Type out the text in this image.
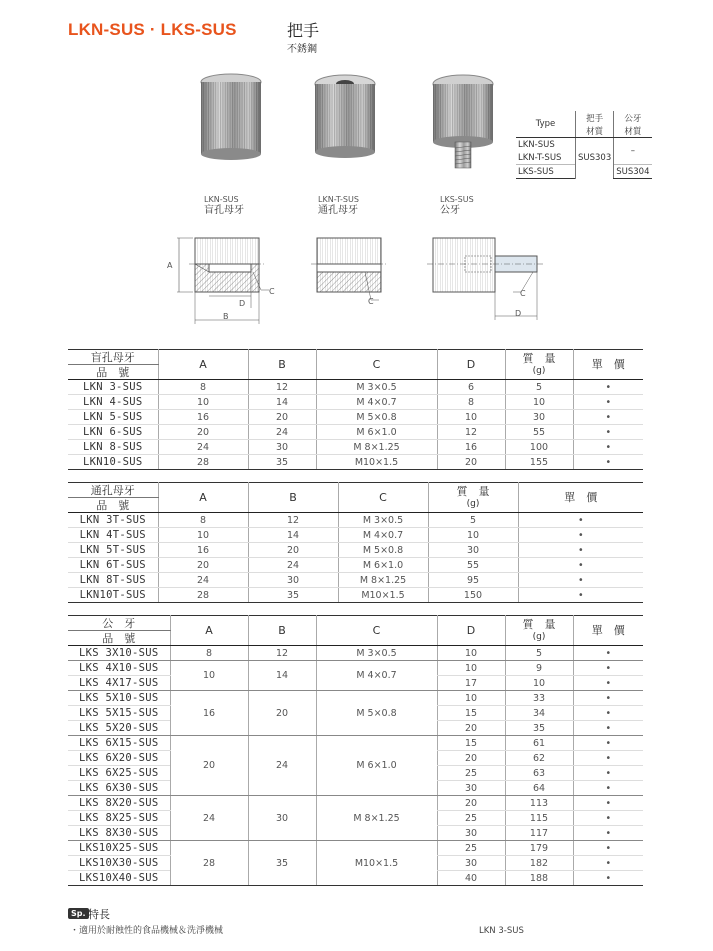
LKN-SUS · LKS-SUS	把手
不銹鋼
LKN-SUS
盲孔母牙
LKN-T-SUS
通孔母牙
LKS-SUS
公牙
Type	把手	公牙
	材質	材質
LKN-SUS	SUS303	–
LKN-T-SUS		
LKS-SUS		SUS304
A
D
B
C
C
C
D
盲孔母牙	A	B	C	D	質　量
(g)	單　價
品　號						
LKN 3-SUS	8	12	M 3×0.5	6	5	•
LKN 4-SUS	10	14	M 4×0.7	8	10	•
LKN 5-SUS	16	20	M 5×0.8	10	30	•
LKN 6-SUS	20	24	M 6×1.0	12	55	•
LKN 8-SUS	24	30	M 8×1.25	16	100	•
LKN10-SUS	28	35	M10×1.5	20	155	•
通孔母牙	A	B	C	質　量
(g)	單　價
品　號					
LKN 3T-SUS	8	12	M 3×0.5	5	•
LKN 4T-SUS	10	14	M 4×0.7	10	•
LKN 5T-SUS	16	20	M 5×0.8	30	•
LKN 6T-SUS	20	24	M 6×1.0	55	•
LKN 8T-SUS	24	30	M 8×1.25	95	•
LKN10T-SUS	28	35	M10×1.5	150	•
公　牙	A	B	C	D	質　量
(g)	單　價
品　號						
LKS 3X10-SUS	8	12	M 3×0.5	10	5	•
LKS 4X10-SUS	10	14	M 4×0.7	10	9	•
LKS 4X17-SUS				17	10	•
LKS 5X10-SUS	16	20	M 5×0.8	10	33	•
LKS 5X15-SUS				15	34	•
LKS 5X20-SUS				20	35	•
LKS 6X15-SUS	20	24	M 6×1.0	15	61	•
LKS 6X20-SUS				20	62	•
LKS 6X25-SUS				25	63	•
LKS 6X30-SUS				30	64	•
LKS 8X20-SUS	24	30	M 8×1.25	20	113	•
LKS 8X25-SUS				25	115	•
LKS 8X30-SUS				30	117	•
LKS10X25-SUS	28	35	M10×1.5	25	179	•
LKS10X30-SUS				30	182	•
LKS10X40-SUS				40	188	•
Sp. 特長
・適用於耐蝕性的食品機械＆洗淨機械	LKN 3-SUS
